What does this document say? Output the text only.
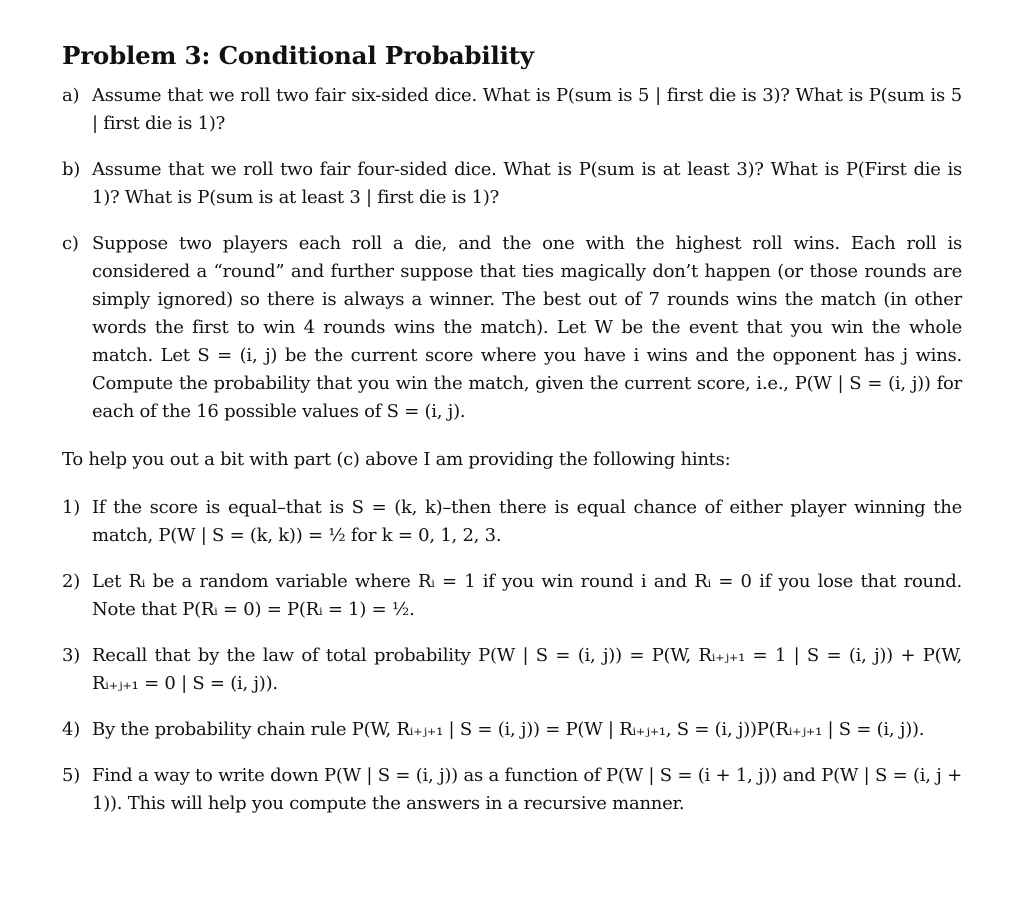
Problem 3: Conditional Probability
a) Assume that we roll two fair six-sided dice. What is P(sum is 5 | first die is 3)? What is P(sum is 5 | first die is 1)?
b) Assume that we roll two fair four-sided dice. What is P(sum is at least 3)? What is P(First die is 1)? What is P(sum is at least 3 | first die is 1)?
c) Suppose two players each roll a die, and the one with the highest roll wins. Each roll is considered a “round” and further suppose that ties magically don’t happen (or those rounds are simply ignored) so there is always a winner. The best out of 7 rounds wins the match (in other words the first to win 4 rounds wins the match). Let W be the event that you win the whole match. Let S = (i, j) be the current score where you have i wins and the opponent has j wins. Compute the probability that you win the match, given the current score, i.e., P(W | S = (i, j)) for each of the 16 possible values of S = (i, j).
To help you out a bit with part (c) above I am providing the following hints:
1) If the score is equal–that is S = (k, k)–then there is equal chance of either player winning the match, P(W | S = (k, k)) = ½ for k = 0, 1, 2, 3.
2) Let Rᵢ be a random variable where Rᵢ = 1 if you win round i and Rᵢ = 0 if you lose that round. Note that P(Rᵢ = 0) = P(Rᵢ = 1) = ½.
3) Recall that by the law of total probability P(W | S = (i, j)) = P(W, Rᵢ₊ⱼ₊₁ = 1 | S = (i, j)) + P(W, Rᵢ₊ⱼ₊₁ = 0 | S = (i, j)).
4) By the probability chain rule P(W, Rᵢ₊ⱼ₊₁ | S = (i, j)) = P(W | Rᵢ₊ⱼ₊₁, S = (i, j))P(Rᵢ₊ⱼ₊₁ | S = (i, j)).
5) Find a way to write down P(W | S = (i, j)) as a function of P(W | S = (i + 1, j)) and P(W | S = (i, j + 1)). This will help you compute the answers in a recursive manner.
